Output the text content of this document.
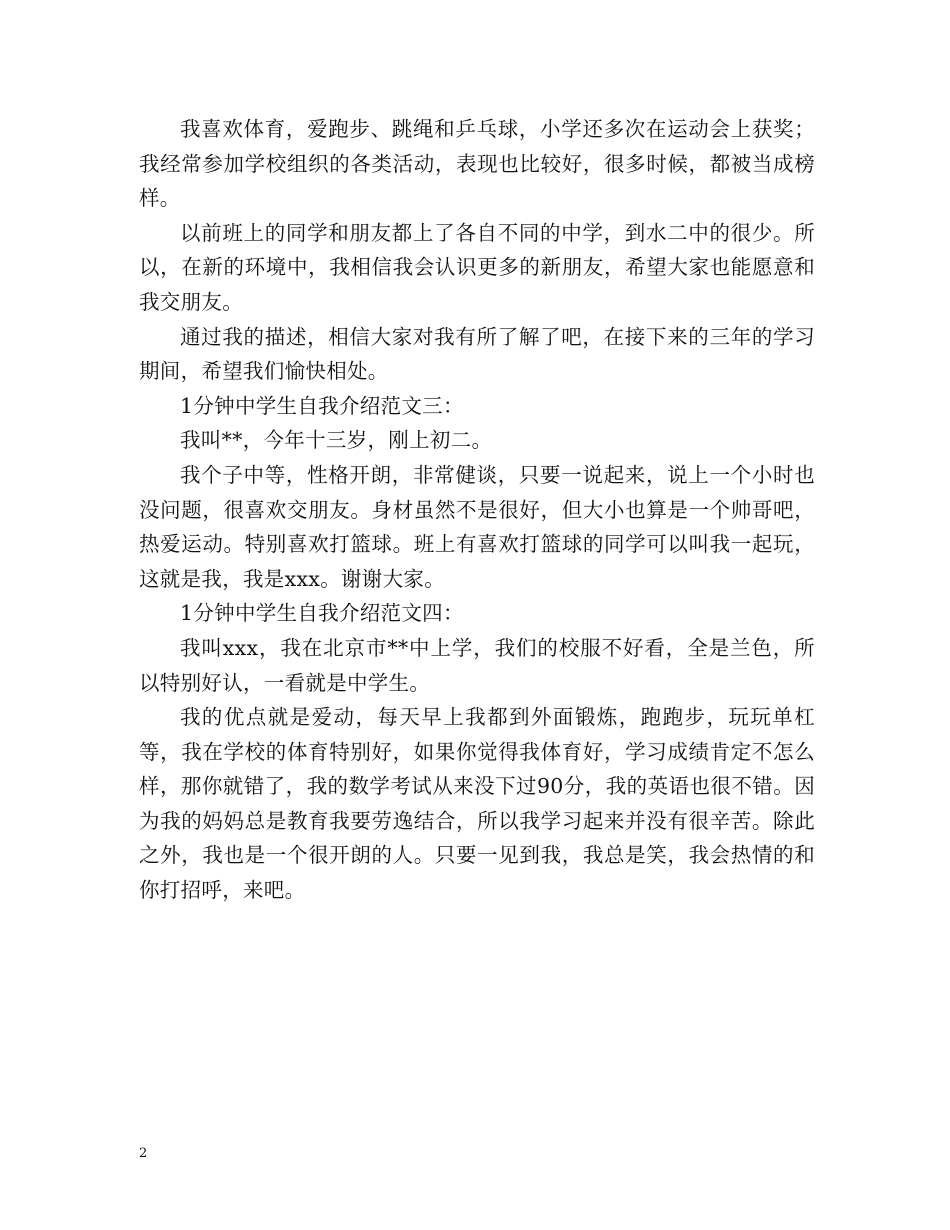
我喜欢体育，爱跑步、跳绳和乒乓球，小学还多次在运动会上获奖；我经常参加学校组织的各类活动，表现也比较好，很多时候，都被当成榜样。

以前班上的同学和朋友都上了各自不同的中学，到水二中的很少。所以，在新的环境中，我相信我会认识更多的新朋友，希望大家也能愿意和我交朋友。

通过我的描述，相信大家对我有所了解了吧，在接下来的三年的学习期间，希望我们愉快相处。

1分钟中学生自我介绍范文三：

我叫**，今年十三岁，刚上初二。

我个子中等，性格开朗，非常健谈，只要一说起来，说上一个小时也没问题，很喜欢交朋友。身材虽然不是很好，但大小也算是一个帅哥吧，热爱运动。特别喜欢打篮球。班上有喜欢打篮球的同学可以叫我一起玩，这就是我，我是xxx。谢谢大家。

1分钟中学生自我介绍范文四：

我叫xxx，我在北京市**中上学，我们的校服不好看，全是兰色，所以特别好认，一看就是中学生。

我的优点就是爱动，每天早上我都到外面锻炼，跑跑步，玩玩单杠等，我在学校的体育特别好，如果你觉得我体育好，学习成绩肯定不怎么样，那你就错了，我的数学考试从来没下过90分，我的英语也很不错。因为我的妈妈总是教育我要劳逸结合，所以我学习起来并没有很辛苦。除此之外，我也是一个很开朗的人。只要一见到我，我总是笑，我会热情的和你打招呼，来吧。

2
